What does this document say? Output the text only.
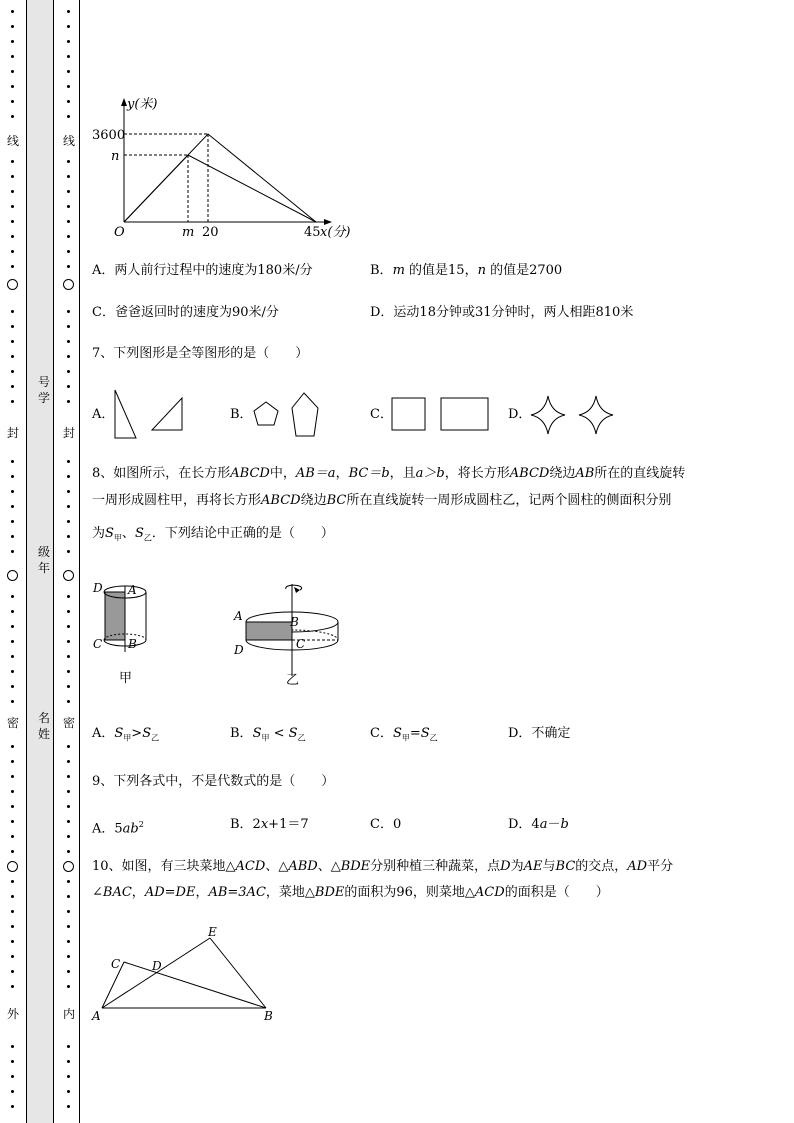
线
封
密
外
号学
级年
名姓
线
封
密
内
y(米)
3600
n
O	m 20	45 x(分)
A．两人前行过程中的速度为180米/分	B．m 的值是15，n 的值是2700
C．爸爸返回时的速度为90米/分	D．运动18分钟或31分钟时，两人相距810米
7、下列图形是全等图形的是（　　）
A．	B．	C．	D．
8、如图所示，在长方形ABCD中，AB＝a，BC＝b，且a＞b，将长方形ABCD绕边AB所在的直线旋转
一周形成圆柱甲，再将长方形ABCD绕边BC所在直线旋转一周形成圆柱乙，记两个圆柱的侧面积分别
为$S_甲$、$S_乙$．下列结论中正确的是（　　）
D A
C B
甲
A	B
D	C
乙
A．$S_甲>S_乙$	B．$S_甲 < S_乙$	C．$S_甲=S_乙$	D．不确定
9、下列各式中，不是代数式的是（　　）
A．$5ab^2$	B．2x+1＝7	C．0	D．4a－b
10、如图，有三块菜地△ACD、△ABD、△BDE分别种植三种蔬菜，点D为AE与BC的交点，AD平分
∠BAC，AD=DE，AB=3AC，菜地△BDE的面积为96，则菜地△ACD的面积是（　　）
C	D
E
A	B
